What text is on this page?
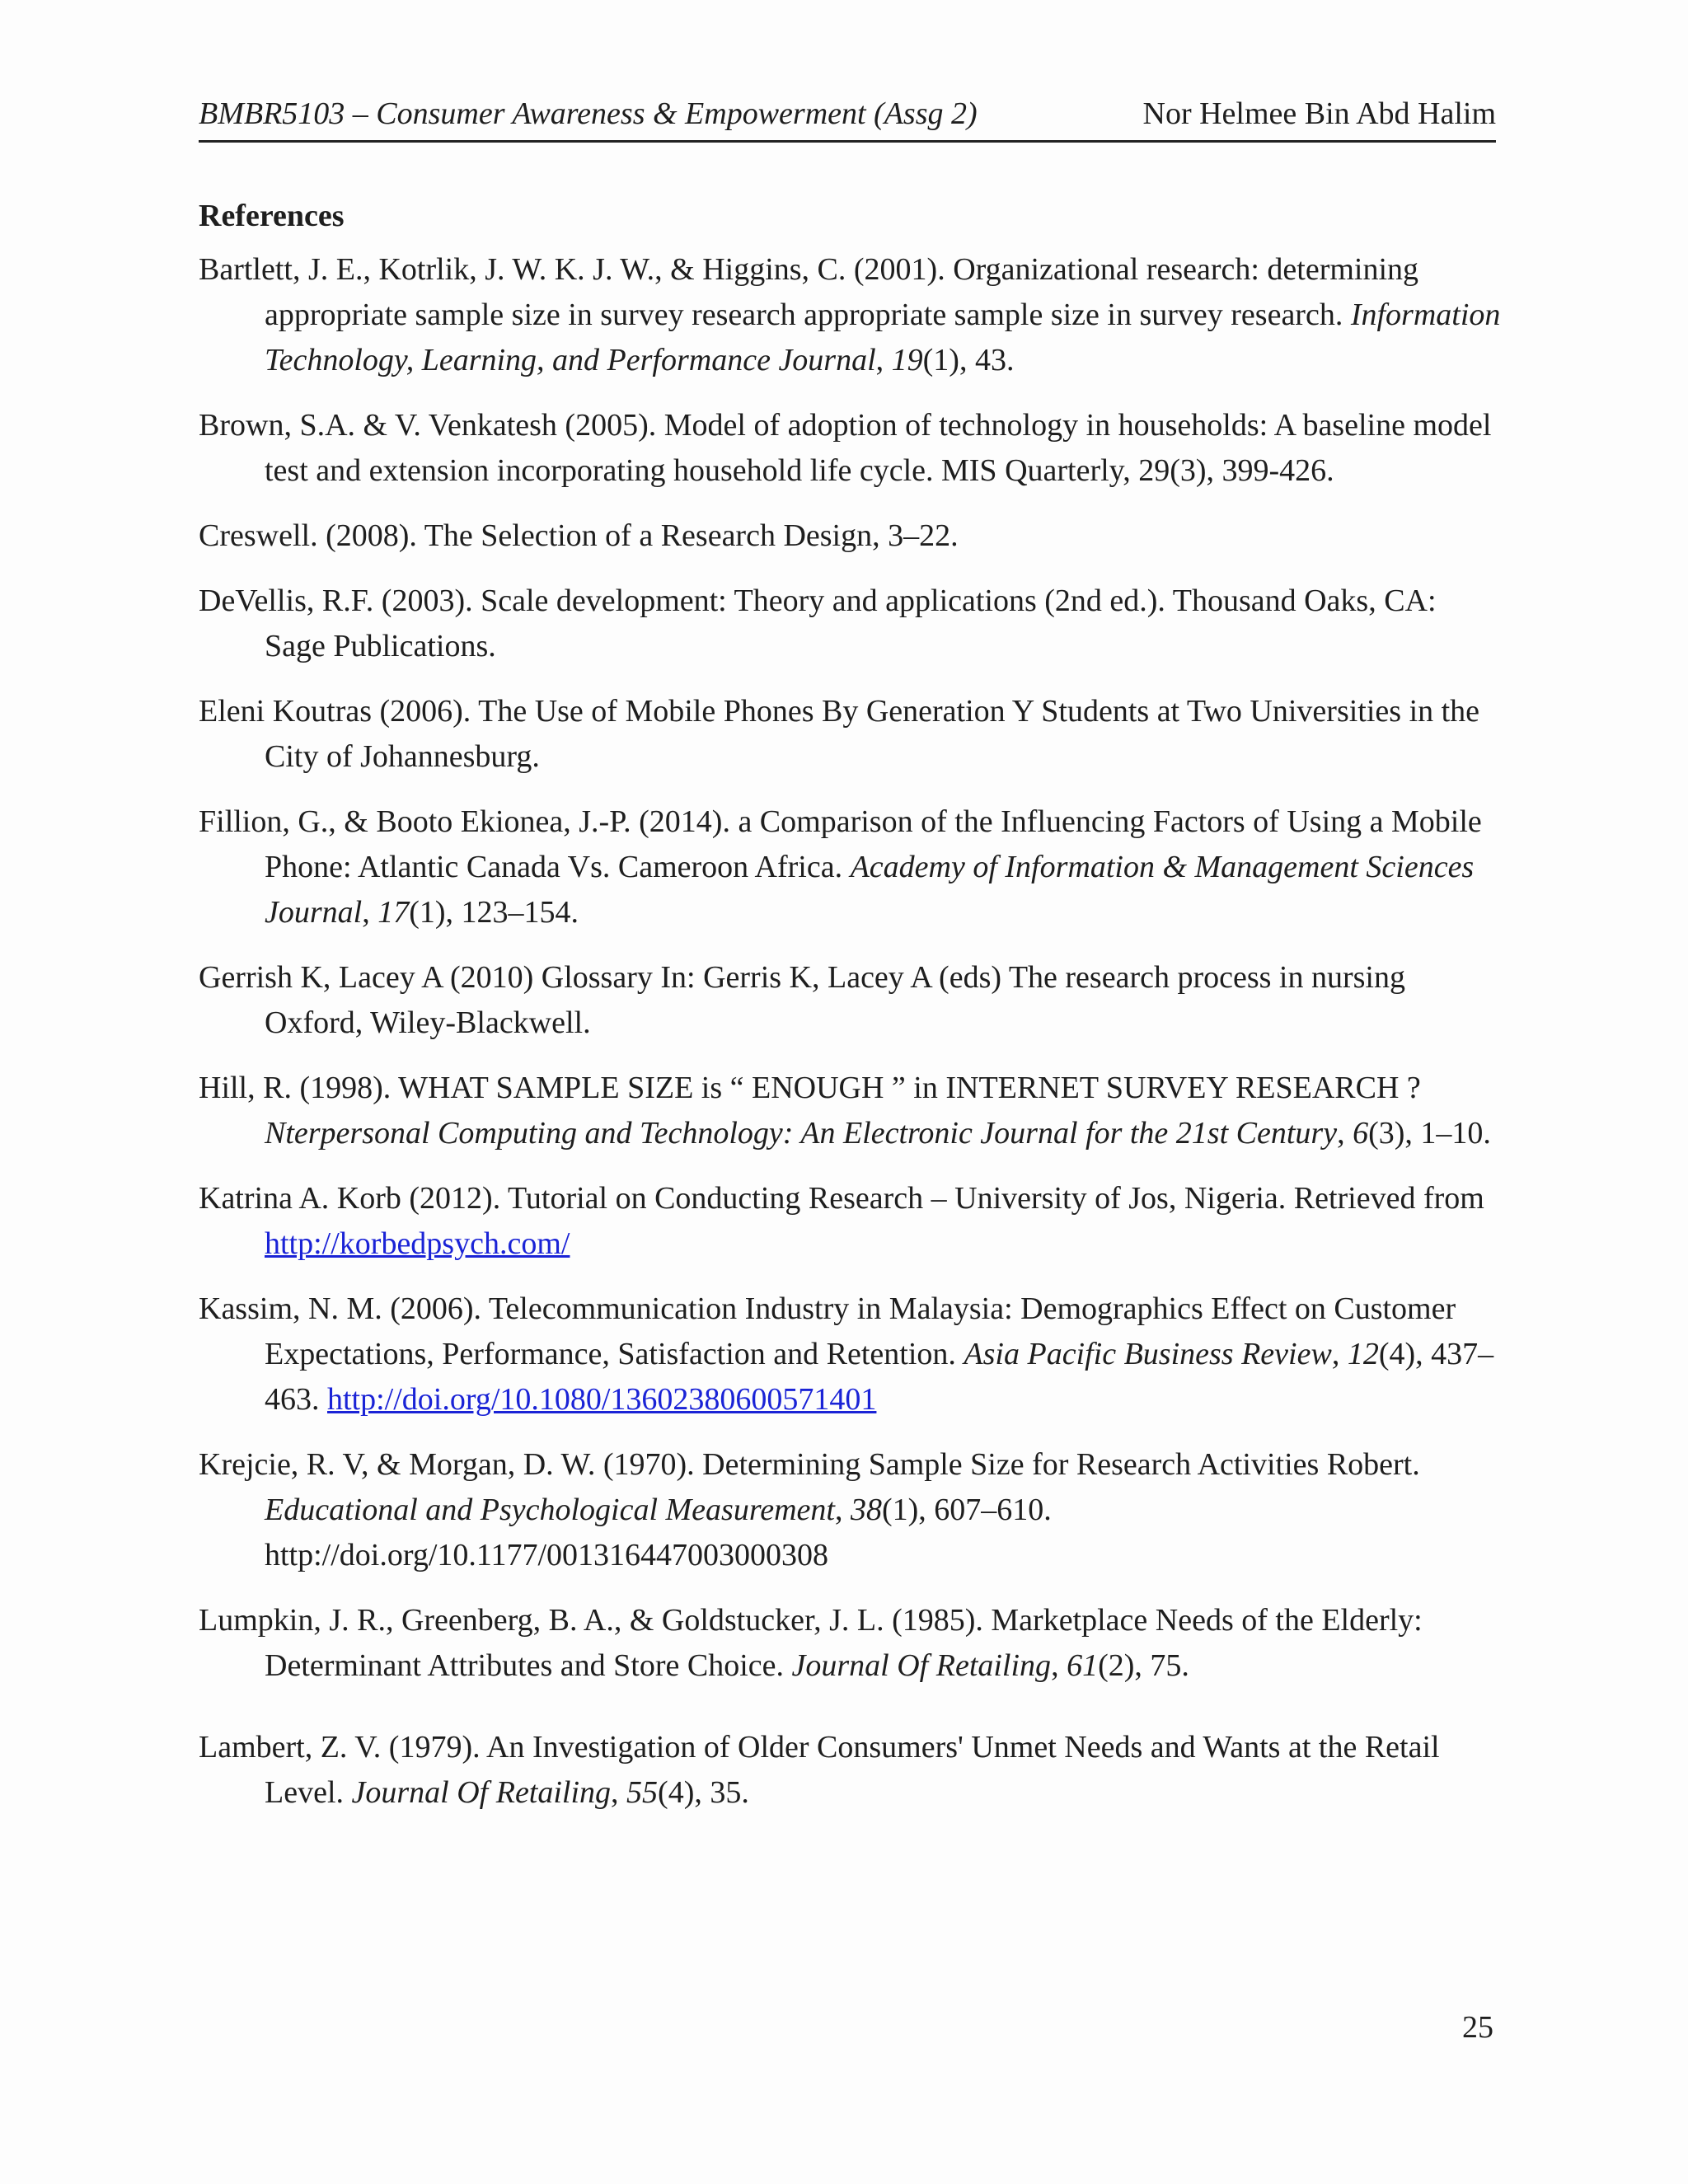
BMBR5103 – Consumer Awareness & Empowerment (Assg 2)	Nor Helmee Bin Abd Halim
References

Bartlett, J. E., Kotrlik, J. W. K. J. W., & Higgins, C. (2001). Organizational research: determining appropriate sample size in survey research appropriate sample size in survey research. Information Technology, Learning, and Performance Journal, 19(1), 43.

Brown, S.A. & V. Venkatesh (2005). Model of adoption of technology in households: A baseline model test and extension incorporating household life cycle. MIS Quarterly, 29(3), 399-426.

Creswell. (2008). The Selection of a Research Design, 3–22.

DeVellis, R.F. (2003). Scale development: Theory and applications (2nd ed.). Thousand Oaks, CA: Sage Publications.

Eleni Koutras (2006). The Use of Mobile Phones By Generation Y Students at Two Universities in the City of Johannesburg.

Fillion, G., & Booto Ekionea, J.-P. (2014). a Comparison of the Influencing Factors of Using a Mobile Phone: Atlantic Canada Vs. Cameroon Africa. Academy of Information & Management Sciences Journal, 17(1), 123–154.

Gerrish K, Lacey A (2010) Glossary In: Gerris K, Lacey A (eds) The research process in nursing Oxford, Wiley-Blackwell.

Hill, R. (1998). WHAT SAMPLE SIZE is “ ENOUGH ” in INTERNET SURVEY RESEARCH ? Nterpersonal Computing and Technology: An Electronic Journal for the 21st Century, 6(3), 1–10.

Katrina A. Korb (2012). Tutorial on Conducting Research – University of Jos, Nigeria. Retrieved from http://korbedpsych.com/

Kassim, N. M. (2006). Telecommunication Industry in Malaysia: Demographics Effect on Customer Expectations, Performance, Satisfaction and Retention. Asia Pacific Business Review, 12(4), 437–463. http://doi.org/10.1080/13602380600571401

Krejcie, R. V, & Morgan, D. W. (1970). Determining Sample Size for Research Activities Robert. Educational and Psychological Measurement, 38(1), 607–610. http://doi.org/10.1177/001316447003000308

Lumpkin, J. R., Greenberg, B. A., & Goldstucker, J. L. (1985). Marketplace Needs of the Elderly: Determinant Attributes and Store Choice. Journal Of Retailing, 61(2), 75.

Lambert, Z. V. (1979). An Investigation of Older Consumers' Unmet Needs and Wants at the Retail Level. Journal Of Retailing, 55(4), 35.

25
